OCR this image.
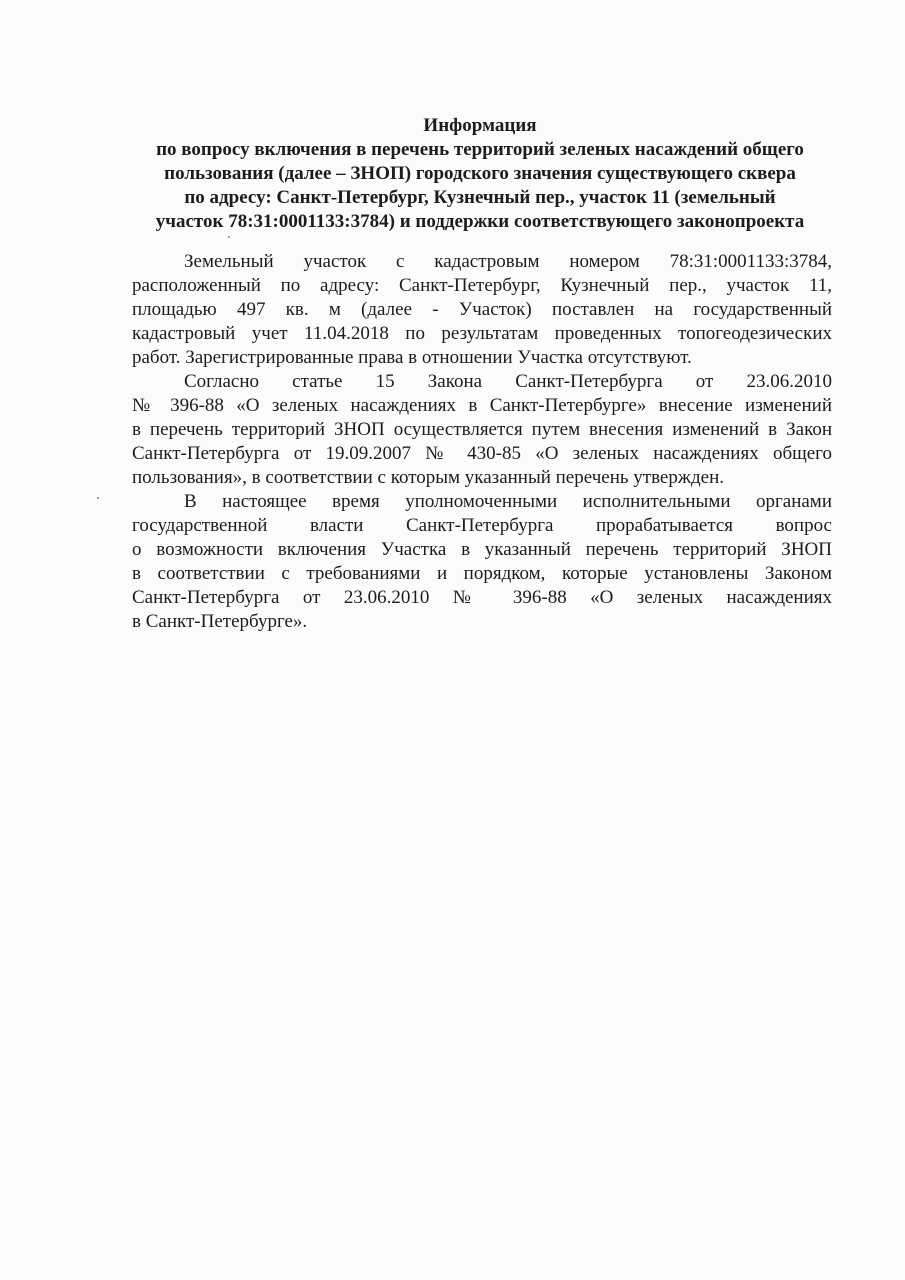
Информация
по вопросу включения в перечень территорий зеленых насаждений общего
пользования (далее – ЗНОП) городского значения существующего сквера
по адресу: Санкт-Петербург, Кузнечный пер., участок 11 (земельный
участок 78:31:0001133:3784) и поддержки соответствующего законопроекта
Земельный участок с кадастровым номером 78:31:0001133:3784,
расположенный по адресу: Санкт-Петербург, Кузнечный пер., участок 11,
площадью 497 кв. м (далее - Участок) поставлен на государственный
кадастровый учет 11.04.2018 по результатам проведенных топогеодезических
работ. Зарегистрированные права в отношении Участка отсутствуют.
Согласно статье 15 Закона Санкт-Петербурга от 23.06.2010
№ 396-88 «О зеленых насаждениях в Санкт-Петербурге» внесение изменений
в перечень территорий ЗНОП осуществляется путем внесения изменений в Закон
Санкт-Петербурга от 19.09.2007 № 430-85 «О зеленых насаждениях общего
пользования», в соответствии с которым указанный перечень утвержден.
В настоящее время уполномоченными исполнительными органами
государственной власти Санкт-Петербурга прорабатывается вопрос
о возможности включения Участка в указанный перечень территорий ЗНОП
в соответствии с требованиями и порядком, которые установлены Законом
Санкт-Петербурга от 23.06.2010 № 396-88 «О зеленых насаждениях
в Санкт-Петербурге».
